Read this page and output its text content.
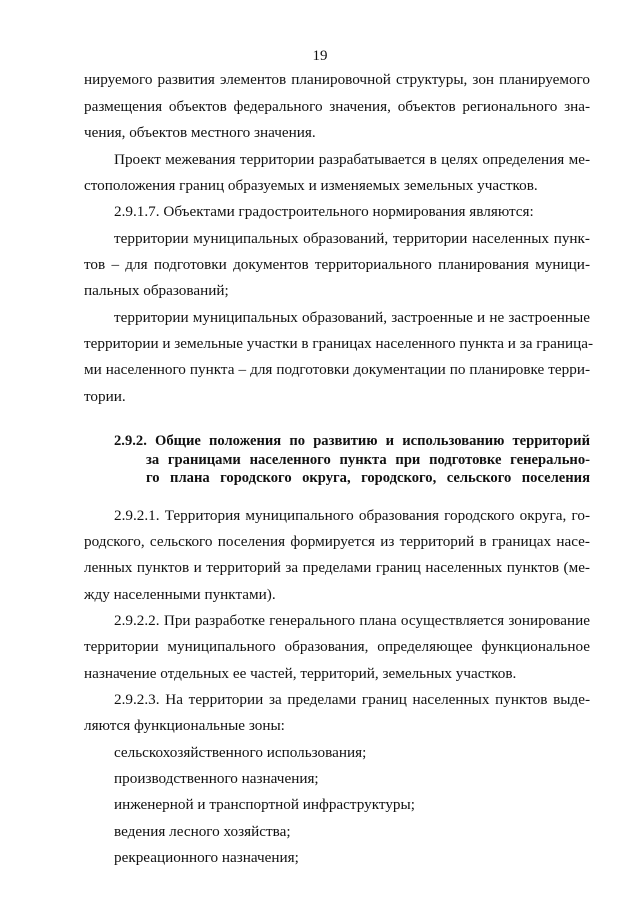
19
нируемого развития элементов планировочной структуры, зон планируемого
размещения объектов федерального значения, объектов регионального зна-
чения, объектов местного значения.
Проект межевания территории разрабатывается в целях определения ме-
стоположения границ образуемых и изменяемых земельных участков.
2.9.1.7. Объектами градостроительного нормирования являются:
территории муниципальных образований, территории населенных пунк-
тов – для подготовки документов территориального планирования муници-
пальных образований;
территории муниципальных образований, застроенные и не застроенные
территории и земельные участки в границах населенного пункта и за граница-
ми населенного пункта – для подготовки документации по планировке терри-
тории.
2.9.2. Общие положения по развитию и использованию территорий
за границами населенного пункта при подготовке генерально-
го плана городского округа, городского, сельского поселения
2.9.2.1. Территория муниципального образования городского округа, го-
родского, сельского поселения формируется из территорий в границах насе-
ленных пунктов и территорий за пределами границ населенных пунктов (ме-
жду населенными пунктами).
2.9.2.2. При разработке генерального плана осуществляется зонирование
территории муниципального образования, определяющее функциональное
назначение отдельных ее частей, территорий, земельных участков.
2.9.2.3. На территории за пределами границ населенных пунктов выде-
ляются функциональные зоны:
сельскохозяйственного использования;
производственного назначения;
инженерной и транспортной инфраструктуры;
ведения лесного хозяйства;
рекреационного назначения;
